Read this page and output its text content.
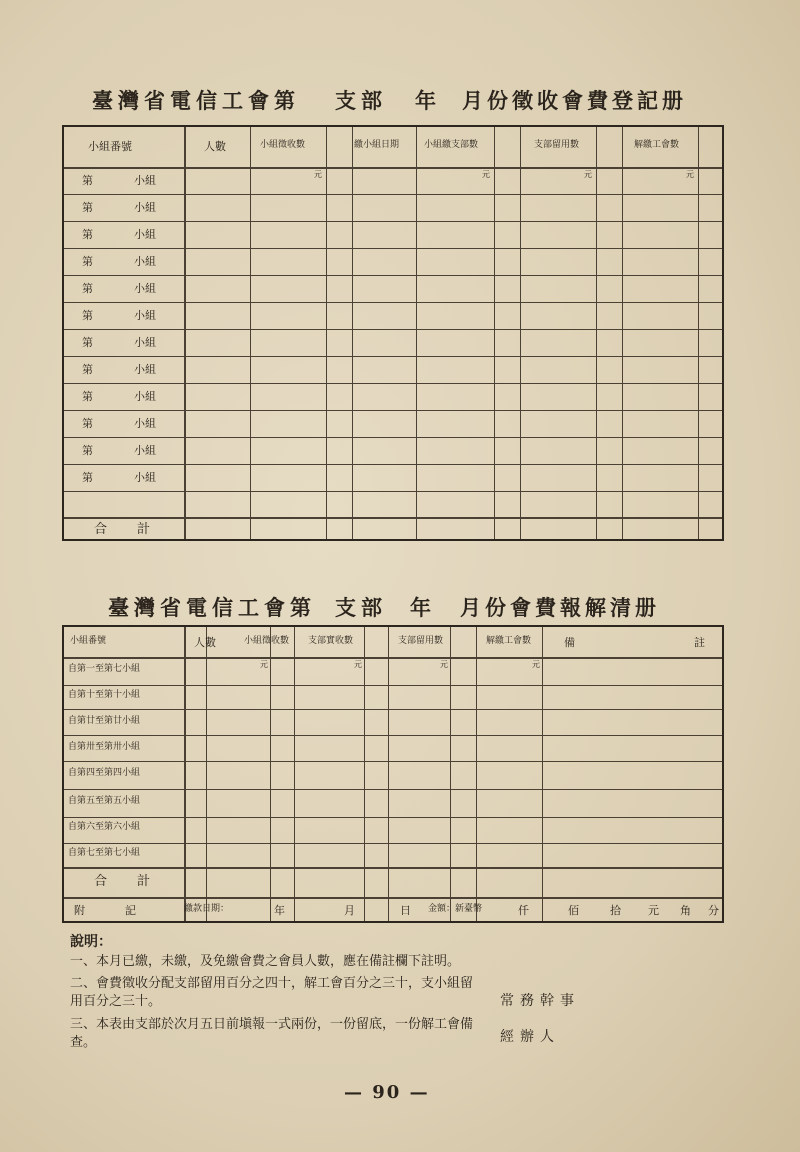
臺灣省電信工會第 支部 年 月份徵收會費登記册
小組番號	人數	小組徵收數	繳小組日期	小組繳支部數	支部留用數	解繳工會數
元	元	元	元
第	小組
第	小組
第	小組
第	小組
第	小組
第	小組
第	小組
第	小組
第	小組
第	小組
第	小組
第	小組
合計
臺灣省電信工會第 支部 年 月份會費報解清册
小組番號	人數	小組徵收數 支部實收數	支部留用數	解繳工會數	備	註
元	元	元	元
自第一至第七小組
自第十至第十小組
自第廿至第廿小組
自第卅至第卅小組
自第四至第四小組
自第五至第五小組
自第六至第六小組
自第七至第七小組
合計
附記 繳款日期：	年	月	日 金額：新臺幣	仟	佰	拾 元 角 分
說明：
一、本月已繳，未繳，及免繳會費之會員人數，應在備註欄下註明。
二、會費徵收分配支部留用百分之四十，解工會百分之三十，支小組留用百分之三十。
三、本表由支部於次月五日前塡報一式兩份，一份留底，一份解工會備查。
常務幹事
經辦人
— 90 —
